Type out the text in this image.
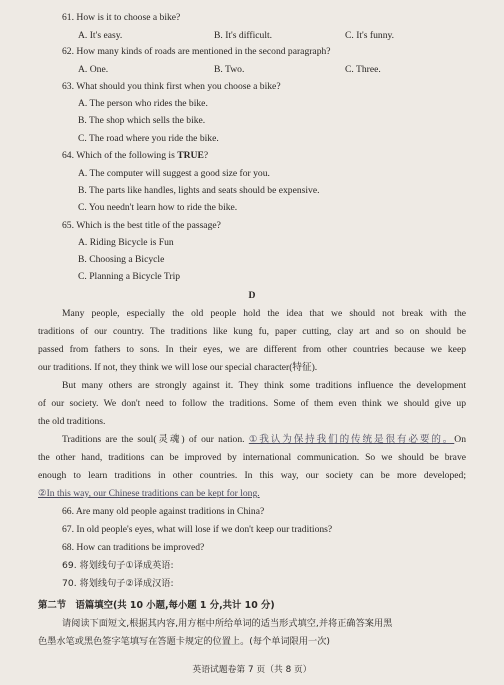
61. How is it to choose a bike?
A. It's easy.	B. It's difficult.	C. It's funny.
62. How many kinds of roads are mentioned in the second paragraph?
A. One.	B. Two.	C. Three.
63. What should you think first when you choose a bike?
A. The person who rides the bike.
B. The shop which sells the bike.
C. The road where you ride the bike.
64. Which of the following is TRUE?
A. The computer will suggest a good size for you.
B. The parts like handles, lights and seats should be expensive.
C. You needn't learn how to ride the bike.
65. Which is the best title of the passage?
A. Riding Bicycle is Fun
B. Choosing a Bicycle
C. Planning a Bicycle Trip
D
Many people, especially the old people hold the idea that we should not break with the
traditions of our country. The traditions like kung fu, paper cutting, clay art and so on should be
passed from fathers to sons. In their eyes, we are different from other countries because we keep
our traditions. If not, they think we will lose our special character(特征).
But many others are strongly against it. They think some traditions influence the development
of our society. We don't need to follow the traditions. Some of them even think we should give up
the old traditions.
Traditions are the soul(灵魂) of our nation. ①我认为保持我们的传统是很有必要的。On
the other hand, traditions can be improved by international communication. So we should be brave
enough to learn traditions in other countries. In this way, our society can be more developed;
②In this way, our Chinese traditions can be kept for long.
66. Are many old people against traditions in China?
67. In old people's eyes, what will lose if we don't keep our traditions?
68. How can traditions be improved?
69. 将划线句子①译成英语:
70. 将划线句子②译成汉语:
第二节　语篇填空(共 10 小题,每小题 1 分,共计 10 分)
请阅读下面短文,根据其内容,用方框中所给单词的适当形式填空,并将正确答案用黑
色墨水笔或黑色签字笔填写在答题卡规定的位置上。(每个单词限用一次)
英语试题卷第 7 页（共 8 页）
